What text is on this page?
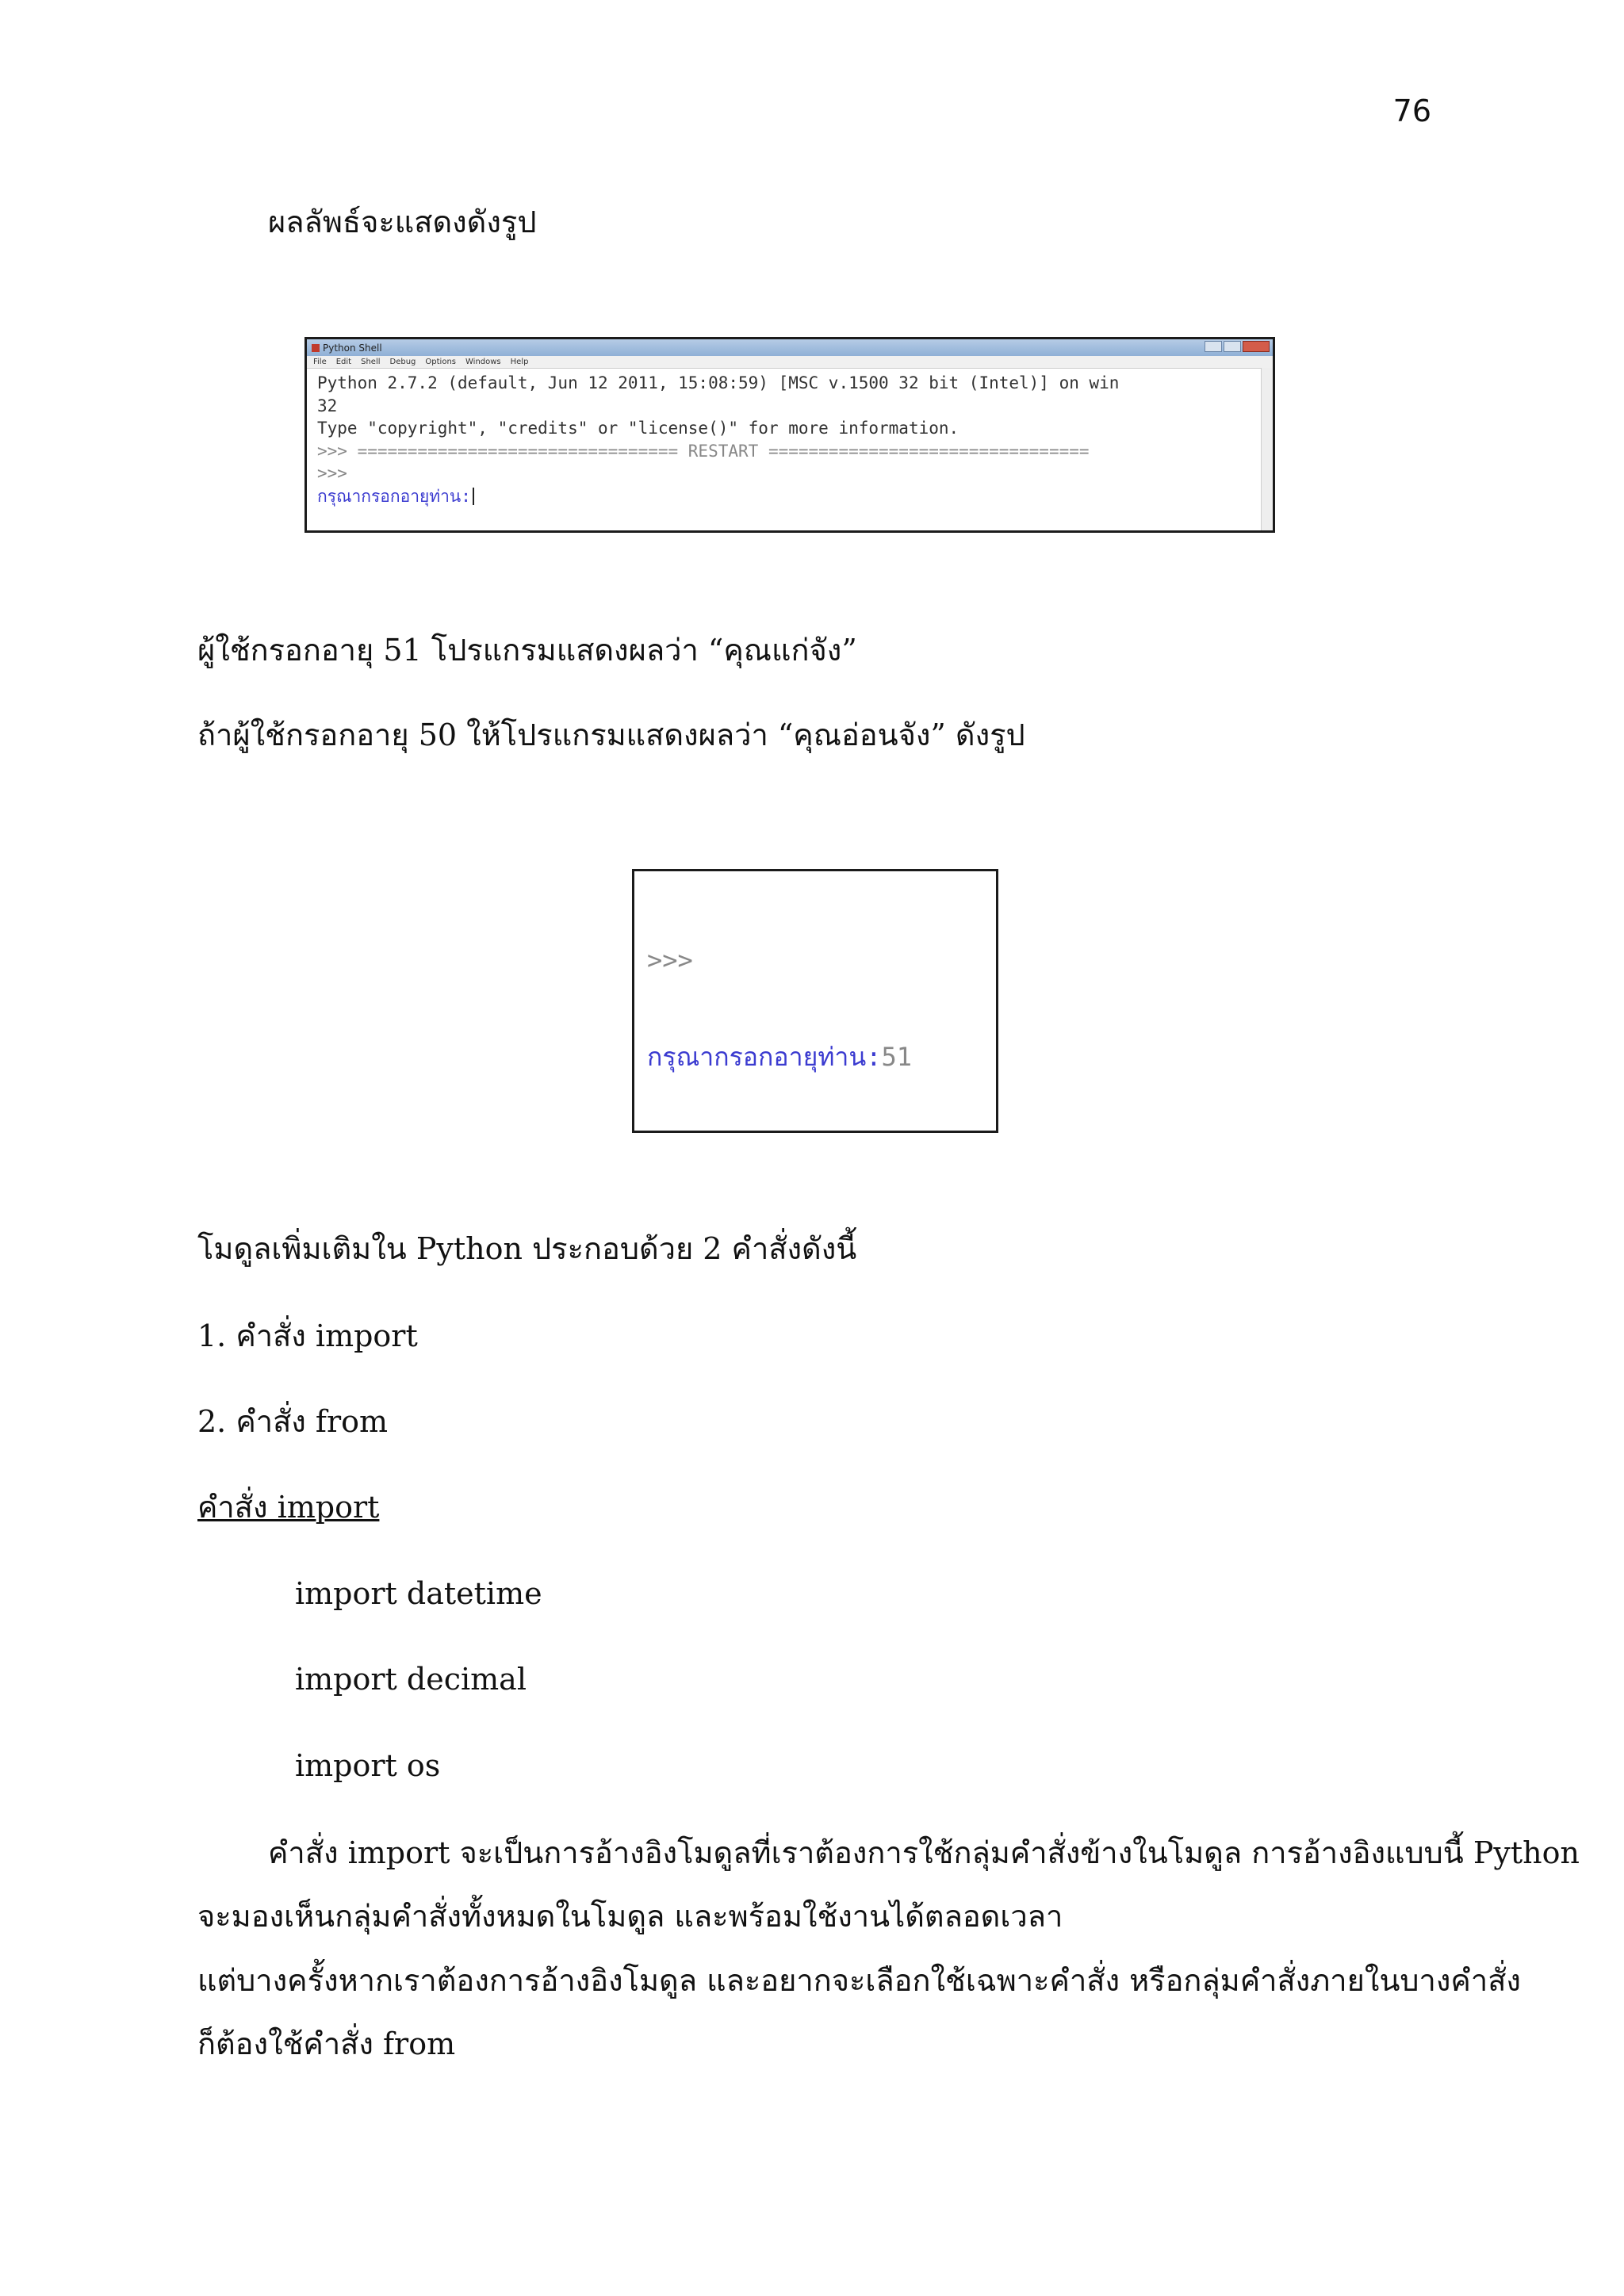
76
ผลลัพธ์จะแสดงดังรูป
Python Shell
File Edit Shell Debug Options Windows Help
Python 2.7.2 (default, Jun 12 2011, 15:08:59) [MSC v.1500 32 bit (Intel)] on win
32
Type "copyright", "credits" or "license()" for more information.
>>> ================================ RESTART ================================
>>>
กรุณากรอกอายุท่าน:
ผู้ใช้กรอกอายุ 51 โปรแกรมแสดงผลว่า “คุณแก่จัง”
ถ้าผู้ใช้กรอกอายุ 50 ให้โปรแกรมแสดงผลว่า “คุณอ่อนจัง” ดังรูป

>>>

กรุณากรอกอายุท่าน:51

โมดูลเพิ่มเติมใน Python ประกอบด้วย 2 คำสั่งดังนี้
1. คำสั่ง import
2. คำสั่ง from
คำสั่ง import
import datetime
import decimal
import os
คำสั่ง import จะเป็นการอ้างอิงโมดูลที่เราต้องการใช้กลุ่มคำสั่งข้างในโมดูล การอ้างอิงแบบนี้ Python
จะมองเห็นกลุ่มคำสั่งทั้งหมดในโมดูล และพร้อมใช้งานได้ตลอดเวลา
แต่บางครั้งหากเราต้องการอ้างอิงโมดูล และอยากจะเลือกใช้เฉพาะคำสั่ง หรือกลุ่มคำสั่งภายในบางคำสั่ง
ก็ต้องใช้คำสั่ง from
